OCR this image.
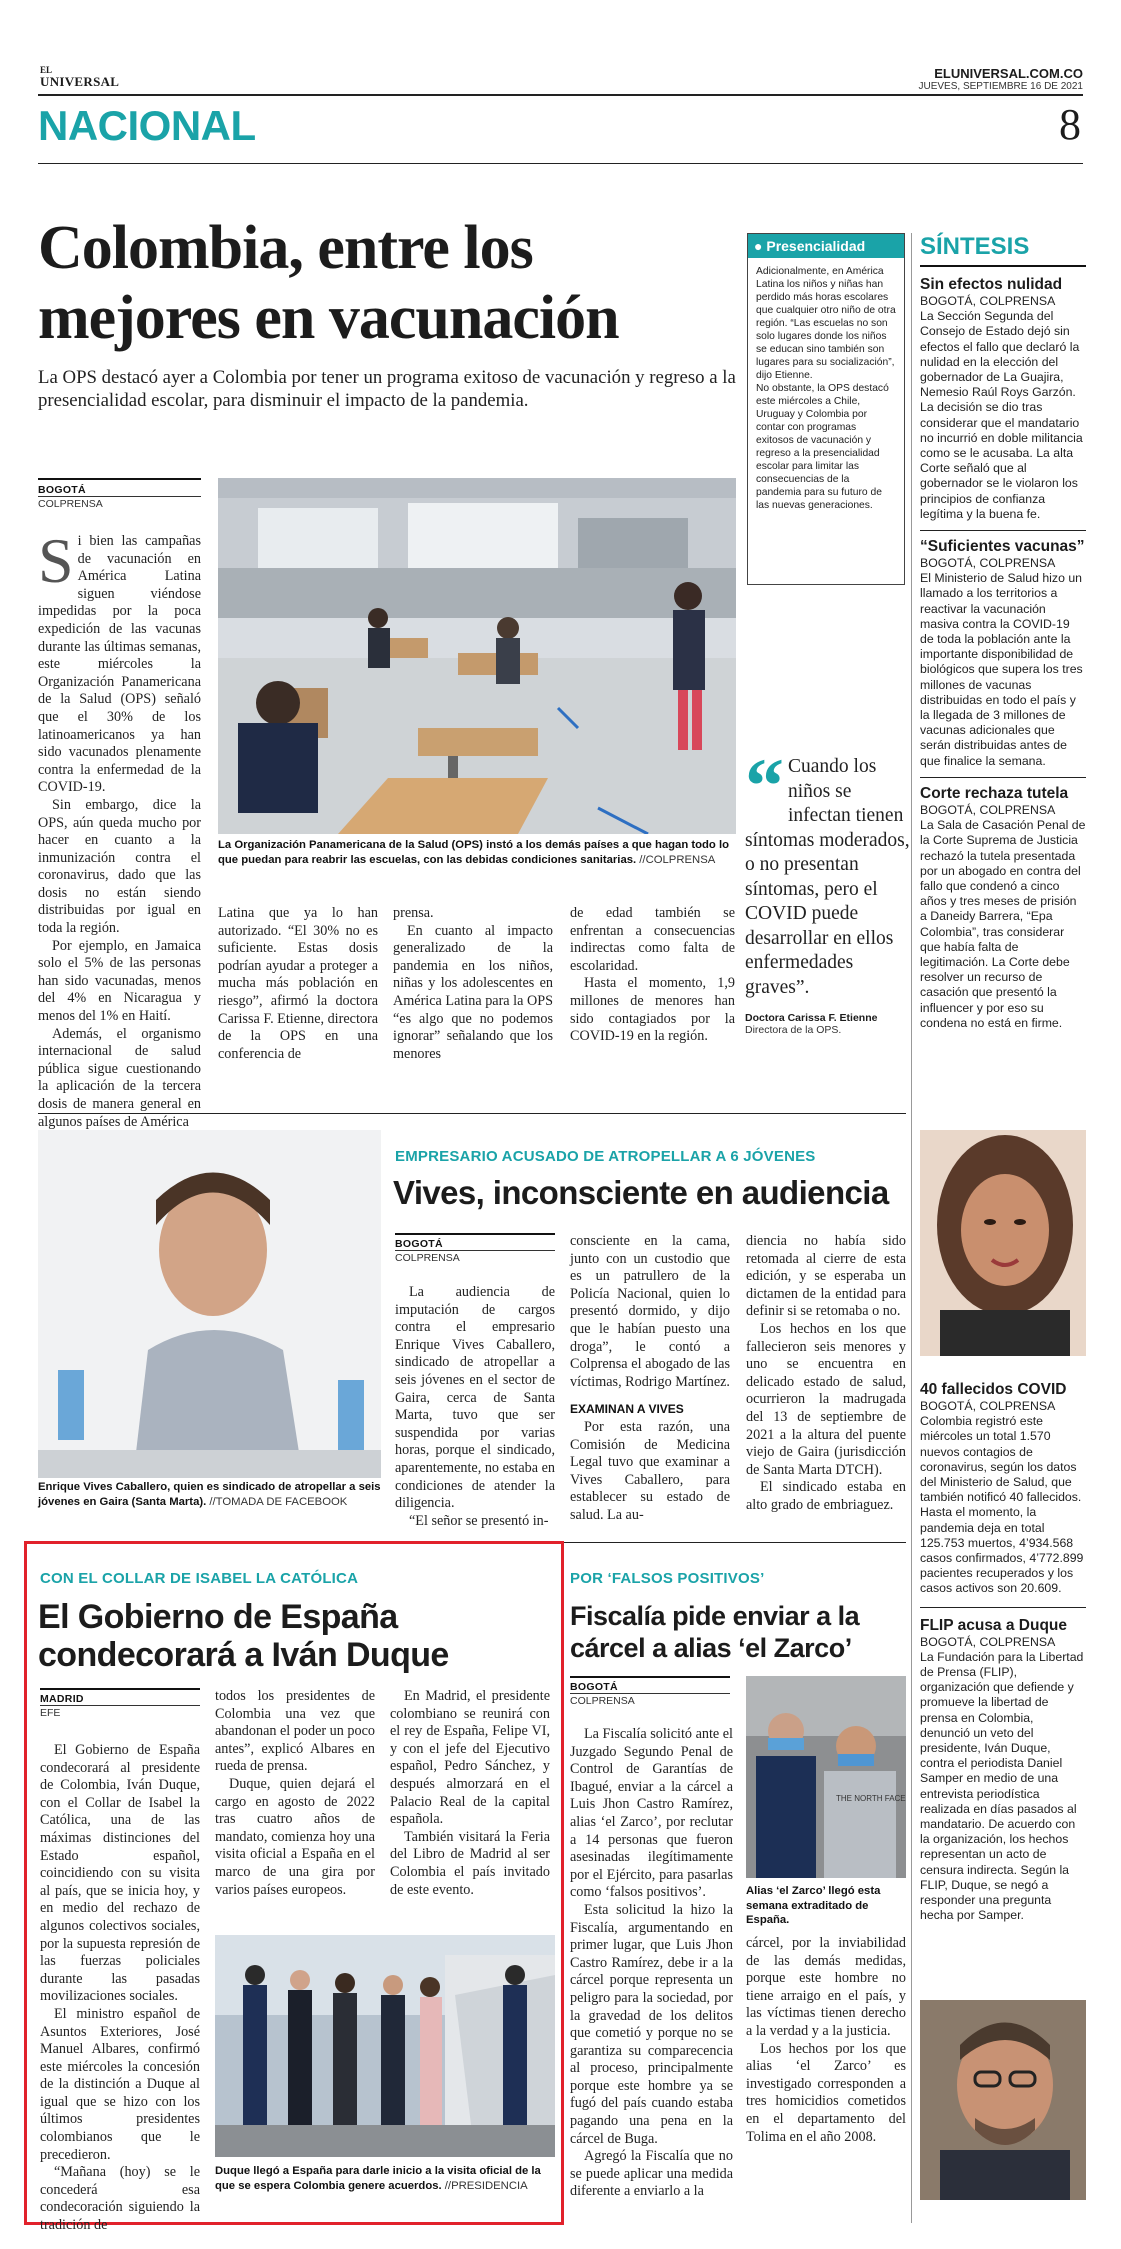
EL
UNIVERSAL
ELUNIVERSAL.COM.CO
JUEVES, SEPTIEMBRE 16 DE 2021
NACIONAL	8
Colombia, entre los
mejores en vacunación
La OPS destacó ayer a Colombia por tener un programa exitoso de vacunación y regreso a la presencialidad escolar, para disminuir el impacto de la pandemia.
BOGOTÁ
COLPRENSA

Si bien las campañas de vacunación en América Latina siguen viéndose impedidas por la poca expedición de las vacunas durante las últimas semanas, este miércoles la Organización Panamericana de la Salud (OPS) señaló que el 30% de los latinoamericanos ya han sido vacunados plenamente contra la enfermedad de la COVID-19.

Sin embargo, dice la OPS, aún queda mucho por hacer en cuanto a la inmunización contra el coronavirus, dado que las dosis no están siendo distribuidas por igual en toda la región.

Por ejemplo, en Jamaica solo el 5% de las personas han sido vacunadas, menos del 4% en Nicaragua y menos del 1% en Haití.

Además, el organismo internacional de salud pública sigue cuestionando la aplicación de la tercera dosis de manera general en algunos países de América

La Organización Panamericana de la Salud (OPS) instó a los demás países a que hagan todo lo que puedan para reabrir las escuelas, con las debidas condiciones sanitarias. //COLPRENSA
Latina que ya lo han autorizado. “El 30% no es suficiente. Estas dosis podrían ayudar a proteger a mucha más población en riesgo”, afirmó la doctora Carissa F. Etienne, directora de la OPS en una conferencia de

prensa.

En cuanto al impacto generalizado de la pandemia en los niños, niñas y los adolescentes en América Latina para la OPS “es algo que no podemos ignorar” señalando que los menores

de edad también se enfrentan a consecuencias indirectas como falta de escolaridad.

Hasta el momento, 1,9 millones de menores han sido contagiados por la COVID-19 en la región.

● Presencialidad

Adicionalmente, en América Latina los niños y niñas han perdido más horas escolares que cualquier otro niño de otra región. “Las escuelas no son solo lugares donde los niños se educan sino también son lugares para su socialización”, dijo Etienne.

No obstante, la OPS destacó este miércoles a Chile, Uruguay y Colombia por contar con programas exitosos de vacunación y regreso a la presencialidad escolar para limitar las consecuencias de la pandemia para su futuro de las nuevas generaciones.

“ Cuando los niños se infectan tienen síntomas moderados, o no presentan síntomas, pero el COVID puede desarrollar en ellos enfermedades graves”.
Doctora Carissa F. Etienne
Directora de la OPS.
SÍNTESIS
Sin efectos nulidad
BOGOTÁ, COLPRENSA
La Sección Segunda del Consejo de Estado dejó sin efectos el fallo que declaró la nulidad en la elección del gobernador de La Guajira, Nemesio Raúl Roys Garzón. La decisión se dio tras considerar que el mandatario no incurrió en doble militancia como se le acusaba. La alta Corte señaló que al gobernador se le violaron los principios de confianza legítima y la buena fe.
“Suficientes vacunas”
BOGOTÁ, COLPRENSA
El Ministerio de Salud hizo un llamado a los territorios a reactivar la vacunación masiva contra la COVID-19 de toda la población ante la importante disponibilidad de biológicos que supera los tres millones de vacunas distribuidas en todo el país y la llegada de 3 millones de vacunas adicionales que serán distribuidas antes de que finalice la semana.
Corte rechaza tutela
BOGOTÁ, COLPRENSA
La Sala de Casación Penal de la Corte Suprema de Justicia rechazó la tutela presentada por un abogado en contra del fallo que condenó a cinco años y tres meses de prisión a Daneidy Barrera, “Epa Colombia”, tras considerar que había falta de legitimación. La Corte debe resolver un recurso de casación que presentó la influencer y por eso su condena no está en firme.
40 fallecidos COVID
BOGOTÁ, COLPRENSA
Colombia registró este miércoles un total 1.570 nuevos contagios de coronavirus, según los datos del Ministerio de Salud, que también notificó 40 fallecidos. Hasta el momento, la pandemia deja en total 125.753 muertos, 4’934.568 casos confirmados, 4’772.899 pacientes recuperados y los casos activos son 20.609.
FLIP acusa a Duque
BOGOTÁ, COLPRENSA
La Fundación para la Libertad de Prensa (FLIP), organización que defiende y promueve la libertad de prensa en Colombia, denunció un veto del presidente, Iván Duque, contra el periodista Daniel Samper en medio de una entrevista periodística realizada en días pasados al mandatario. De acuerdo con la organización, los hechos representan un acto de censura indirecta. Según la FLIP, Duque, se negó a responder una pregunta hecha por Samper.
Enrique Vives Caballero, quien es sindicado de atropellar a seis jóvenes en Gaira (Santa Marta). //TOMADA DE FACEBOOK
EMPRESARIO ACUSADO DE ATROPELLAR A 6 JÓVENES
Vives, inconsciente en audiencia
BOGOTÁ
COLPRENSA

La audiencia de imputación de cargos contra el empresario Enrique Vives Caballero, sindicado de atropellar a seis jóvenes en el sector de Gaira, cerca de Santa Marta, tuvo que ser suspendida por varias horas, porque el sindicado, aparentemente, no estaba en condiciones de atender la diligencia.

“El señor se presentó in-

consciente en la cama, junto con un custodio que es un patrullero de la Policía Nacional, quien lo presentó dormido, y dijo que le habían puesto una droga”, le contó a Colprensa el abogado de las víctimas, Rodrigo Martínez.

EXAMINAN A VIVES

Por esta razón, una Comisión de Medicina Legal tuvo que examinar a Vives Caballero, para establecer su estado de salud. La au-

diencia no había sido retomada al cierre de esta edición, y se esperaba un dictamen de la entidad para definir si se retomaba o no.

Los hechos en los que fallecieron seis menores y uno se encuentra en delicado estado de salud, ocurrieron la madrugada del 13 de septiembre de 2021 a la altura del puente viejo de Gaira (jurisdicción de Santa Marta DTCH).

El sindicado estaba en alto grado de embriaguez.

CON EL COLLAR DE ISABEL LA CATÓLICA
El Gobierno de España
condecorará a Iván Duque
MADRID
EFE

El Gobierno de España condecorará al presidente de Colombia, Iván Duque, con el Collar de Isabel la Católica, una de las máximas distinciones del Estado español, coincidiendo con su visita al país, que se inicia hoy, y en medio del rechazo de algunos colectivos sociales, por la supuesta represión de las fuerzas policiales durante las pasadas movilizaciones sociales.

El ministro español de Asuntos Exteriores, José Manuel Albares, confirmó este miércoles la concesión de la distinción a Duque al igual que se hizo con los últimos presidentes colombianos que le precedieron.

“Mañana (hoy) se le concederá esa condecoración siguiendo la tradición de

todos los presidentes de Colombia una vez que abandonan el poder un poco antes”, explicó Albares en rueda de prensa.

Duque, quien dejará el cargo en agosto de 2022 tras cuatro años de mandato, comienza hoy una visita oficial a España en el marco de una gira por varios países europeos.

En Madrid, el presidente colombiano se reunirá con el rey de España, Felipe VI, y con el jefe del Ejecutivo español, Pedro Sánchez, y después almorzará en el Palacio Real de la capital española.

También visitará la Feria del Libro de Madrid al ser Colombia el país invitado de este evento.

Duque llegó a España para darle inicio a la visita oficial de la que se espera Colombia genere acuerdos. //PRESIDENCIA
POR ‘FALSOS POSITIVOS’
Fiscalía pide enviar a la
cárcel a alias ‘el Zarco’
BOGOTÁ
COLPRENSA

La Fiscalía solicitó ante el Juzgado Segundo Penal de Control de Garantías de Ibagué, enviar a la cárcel a Luis Jhon Castro Ramírez, alias ‘el Zarco’, por reclutar a 14 personas que fueron asesinadas ilegítimamente por el Ejército, para pasarlas como ‘falsos positivos’.

Esta solicitud la hizo la Fiscalía, argumentando en primer lugar, que Luis Jhon Castro Ramírez, debe ir a la cárcel porque representa un peligro para la sociedad, por la gravedad de los delitos que cometió y porque no se garantiza su comparecencia al proceso, principalmente porque este hombre ya se fugó del país cuando estaba pagando una pena en la cárcel de Buga.

Agregó la Fiscalía que no se puede aplicar una medida diferente a enviarlo a la

THE NORTH FACE
Alias ‘el Zarco’ llegó esta semana extraditado de España.

cárcel, por la inviabilidad de las demás medidas, porque este hombre no tiene arraigo en el país, y las víctimas tienen derecho a la verdad y a la justicia.

Los hechos por los que alias ‘el Zarco’ es investigado corresponden a tres homicidios cometidos en el departamento del Tolima en el año 2008.
